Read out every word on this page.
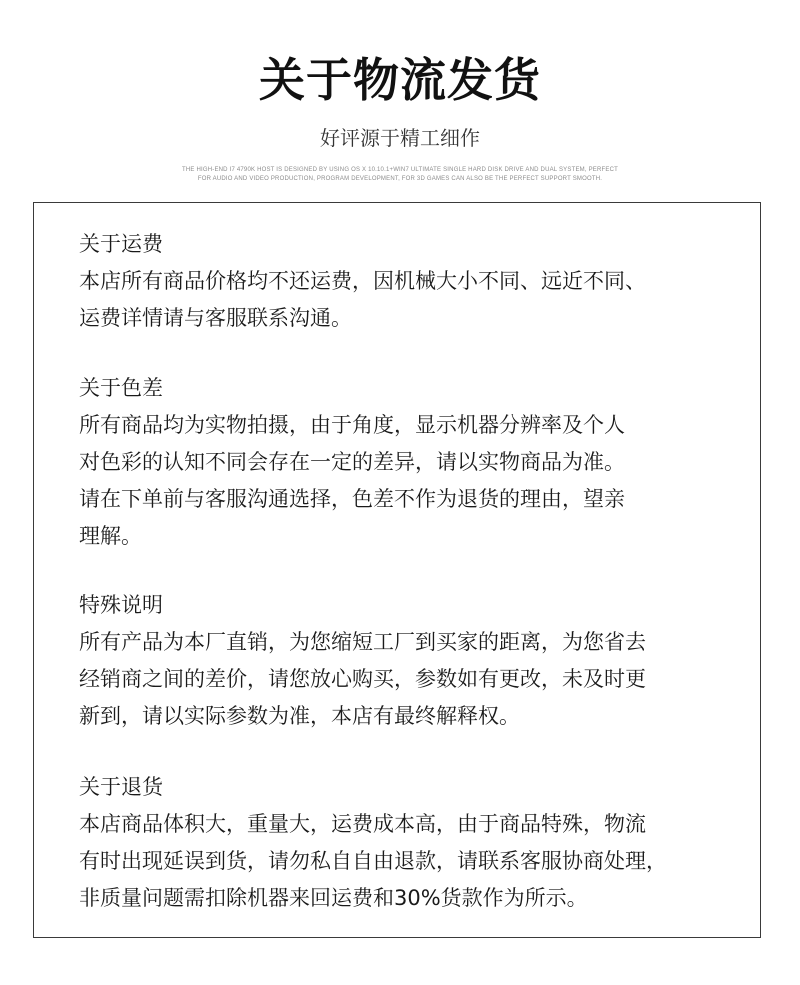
关于物流发货
好评源于精工细作
THE HIGH-END I7 4790K HOST IS DESIGNED BY USING OS X 10.10.1+WIN7 ULTIMATE SINGLE HARD DISK DRIVE AND DUAL SYSTEM, PERFECT
FOR AUDIO AND VIDEO PRODUCTION, PROGRAM DEVELOPMENT, FOR 3D GAMES CAN ALSO BE THE PERFECT SUPPORT SMOOTH.
关于运费
本店所有商品价格均不还运费，因机械大小不同、远近不同、
运费详情请与客服联系沟通。
关于色差
所有商品均为实物拍摄，由于角度，显示机器分辨率及个人
对色彩的认知不同会存在一定的差异，请以实物商品为准。
请在下单前与客服沟通选择，色差不作为退货的理由，望亲
理解。
特殊说明
所有产品为本厂直销，为您缩短工厂到买家的距离，为您省去
经销商之间的差价，请您放心购买，参数如有更改，未及时更
新到，请以实际参数为准，本店有最终解释权。
关于退货
本店商品体积大，重量大，运费成本高，由于商品特殊，物流
有时出现延误到货，请勿私自自由退款，请联系客服协商处理，
非质量问题需扣除机器来回运费和30%货款作为所示。
